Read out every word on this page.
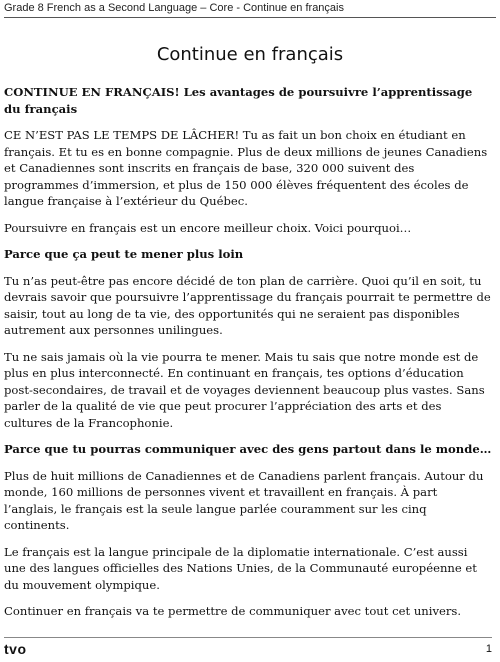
Grade 8 French as a Second Language – Core - Continue en français
Continue en français
CONTINUE EN FRANÇAIS! Les avantages de poursuivre l’apprentissage du français

CE N’EST PAS LE TEMPS DE LÂCHER! Tu as fait un bon choix en étudiant en français. Et tu es en bonne compagnie. Plus de deux millions de jeunes Canadiens et Canadiennes sont inscrits en français de base, 320 000 suivent des programmes d’immersion, et plus de 150 000 élèves fréquentent des écoles de langue française à l’extérieur du Québec.

Poursuivre en français est un encore meilleur choix. Voici pourquoi…

Parce que ça peut te mener plus loin

Tu n’as peut-être pas encore décidé de ton plan de carrière. Quoi qu’il en soit, tu devrais savoir que poursuivre l’apprentissage du français pourrait te permettre de saisir, tout au long de ta vie, des opportunités qui ne seraient pas disponibles autrement aux personnes unilingues.

Tu ne sais jamais où la vie pourra te mener. Mais tu sais que notre monde est de plus en plus interconnecté. En continuant en français, tes options d’éducation post-secondaires, de travail et de voyages deviennent beaucoup plus vastes. Sans parler de la qualité de vie que peut procurer l’appréciation des arts et des cultures de la Francophonie.

Parce que tu pourras communiquer avec des gens partout dans le monde…

Plus de huit millions de Canadiennes et de Canadiens parlent français. Autour du monde, 160 millions de personnes vivent et travaillent en français. À part l’anglais, le français est la seule langue parlée couramment sur les cinq continents.

Le français est la langue principale de la diplomatie internationale. C’est aussi une des langues officielles des Nations Unies, de la Communauté européenne et du mouvement olympique.

Continuer en français va te permettre de communiquer avec tout cet univers.

tvo	1
